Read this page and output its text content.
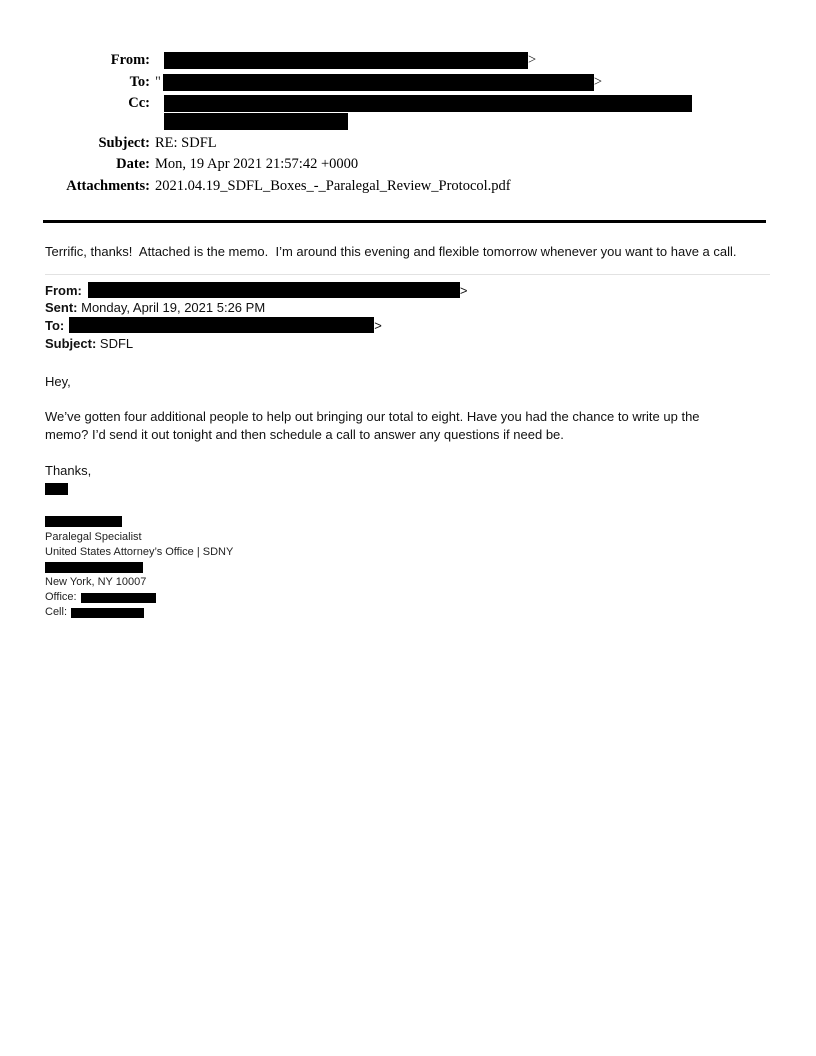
From:	>
To: "	>
Cc:

Subject: RE: SDFL
Date: Mon, 19 Apr 2021 21:57:42 +0000
Attachments: 2021.04.19_SDFL_Boxes_-_Paralegal_Review_Protocol.pdf

Terrific, thanks!  Attached is the memo.  I’m around this evening and flexible tomorrow whenever you want to have a call.

From:	>
Sent: Monday, April 19, 2021 5:26 PM
To:	>
Subject: SDFL

Hey,

We’ve gotten four additional people to help out bringing our total to eight. Have you had the chance to write up the
memo? I’d send it out tonight and then schedule a call to answer any questions if need be.

Thanks,

Paralegal Specialist
United States Attorney’s Office | SDNY
New York, NY 10007
Office:
Cell:
